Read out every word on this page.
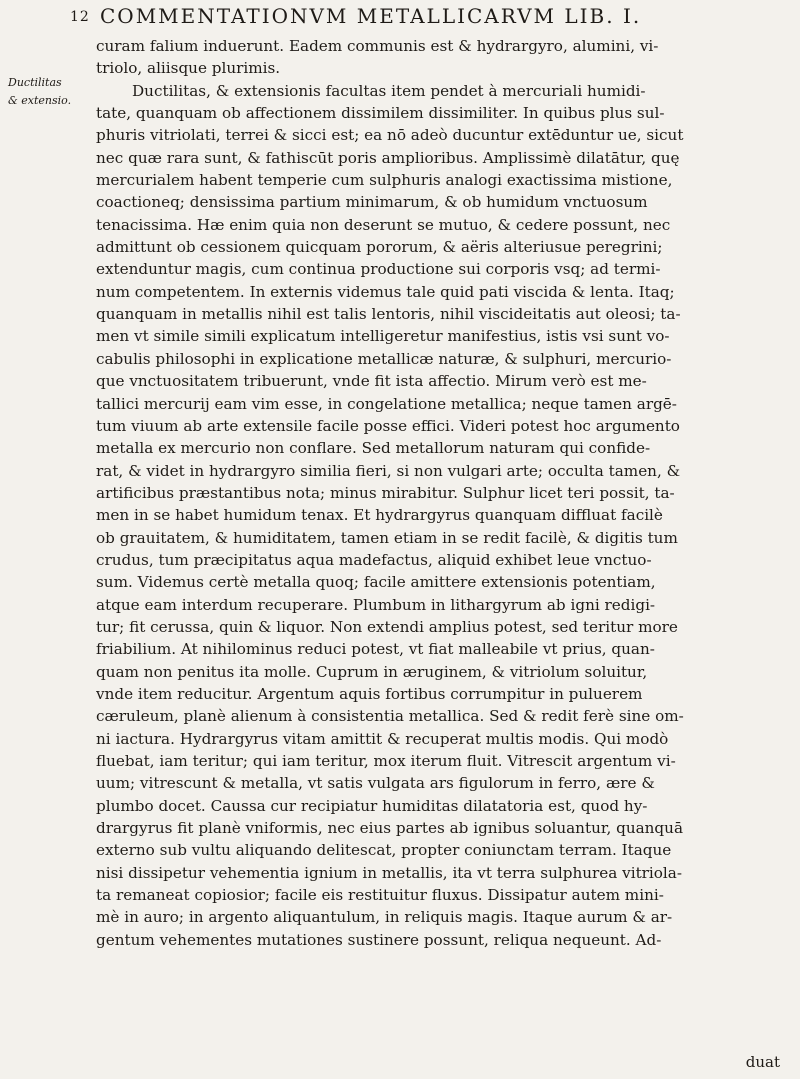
12 COMMENTATIONVM METALLICARVM LIB. I.
Ductilitas
& extensio.
curam falium induerunt. Eadem communis est & hydrargyro, alumini, vi-
triolo, aliisque plurimis.
Ductilitas, & extensionis facultas item pendet à mercuriali humidi-
tate, quanquam ob affectionem dissimilem dissimiliter. In quibus plus sul-
phuris vitriolati, terrei & sicci est; ea nō adeò ducuntur extēduntur ue, sicut
nec quæ rara sunt, & fathiscūt poris amplioribus. Amplissimè dilatātur, quę
mercurialem habent temperie cum sulphuris analogi exactissima mistione,
coactioneq; densissima partium minimarum, & ob humidum vnctuosum
tenacissima. Hæ enim quia non deserunt se mutuo, & cedere possunt, nec
admittunt ob cessionem quicquam pororum, & aëris alteriusue peregrini;
extenduntur magis, cum continua productione sui corporis vsq; ad termi-
num competentem. In externis videmus tale quid pati viscida & lenta. Itaq;
quanquam in metallis nihil est talis lentoris, nihil viscideitatis aut oleosi; ta-
men vt simile simili explicatum intelligeretur manifestius, istis vsi sunt vo-
cabulis philosophi in explicatione metallicæ naturæ, & sulphuri, mercurio-
que vnctuositatem tribuerunt, vnde fit ista affectio. Mirum verò est me-
tallici mercurij eam vim esse, in congelatione metallica; neque tamen argē-
tum viuum ab arte extensile facile posse effici. Videri potest hoc argumento
metalla ex mercurio non conflare. Sed metallorum naturam qui confide-
rat, & videt in hydrargyro similia fieri, si non vulgari arte; occulta tamen, &
artificibus præstantibus nota; minus mirabitur. Sulphur licet teri possit, ta-
men in se habet humidum tenax. Et hydrargyrus quanquam diffluat facilè
ob grauitatem, & humiditatem, tamen etiam in se redit facilè, & digitis tum
crudus, tum præcipitatus aqua madefactus, aliquid exhibet leue vnctuo-
sum. Videmus certè metalla quoq; facile amittere extensionis potentiam,
atque eam interdum recuperare. Plumbum in lithargyrum ab igni redigi-
tur; fit cerussa, quin & liquor. Non extendi amplius potest, sed teritur more
friabilium. At nihilominus reduci potest, vt fiat malleabile vt prius, quan-
quam non penitus ita molle. Cuprum in æruginem, & vitriolum soluitur,
vnde item reducitur. Argentum aquis fortibus corrumpitur in puluerem
cæruleum, planè alienum à consistentia metallica. Sed & redit ferè sine om-
ni iactura. Hydrargyrus vitam amittit & recuperat multis modis. Qui modò
fluebat, iam teritur; qui iam teritur, mox iterum fluit. Vitrescit argentum vi-
uum; vitrescunt & metalla, vt satis vulgata ars figulorum in ferro, ære &
plumbo docet. Caussa cur recipiatur humiditas dilatatoria est, quod hy-
drargyrus fit planè vniformis, nec eius partes ab ignibus soluantur, quanquā
externo sub vultu aliquando delitescat, propter coniunctam terram. Itaque
nisi dissipetur vehementia ignium in metallis, ita vt terra sulphurea vitriola-
ta remaneat copiosior; facile eis restituitur fluxus. Dissipatur autem mini-
mè in auro; in argento aliquantulum, in reliquis magis. Itaque aurum & ar-
gentum vehementes mutationes sustinere possunt, reliqua nequeunt. Ad-
duat
